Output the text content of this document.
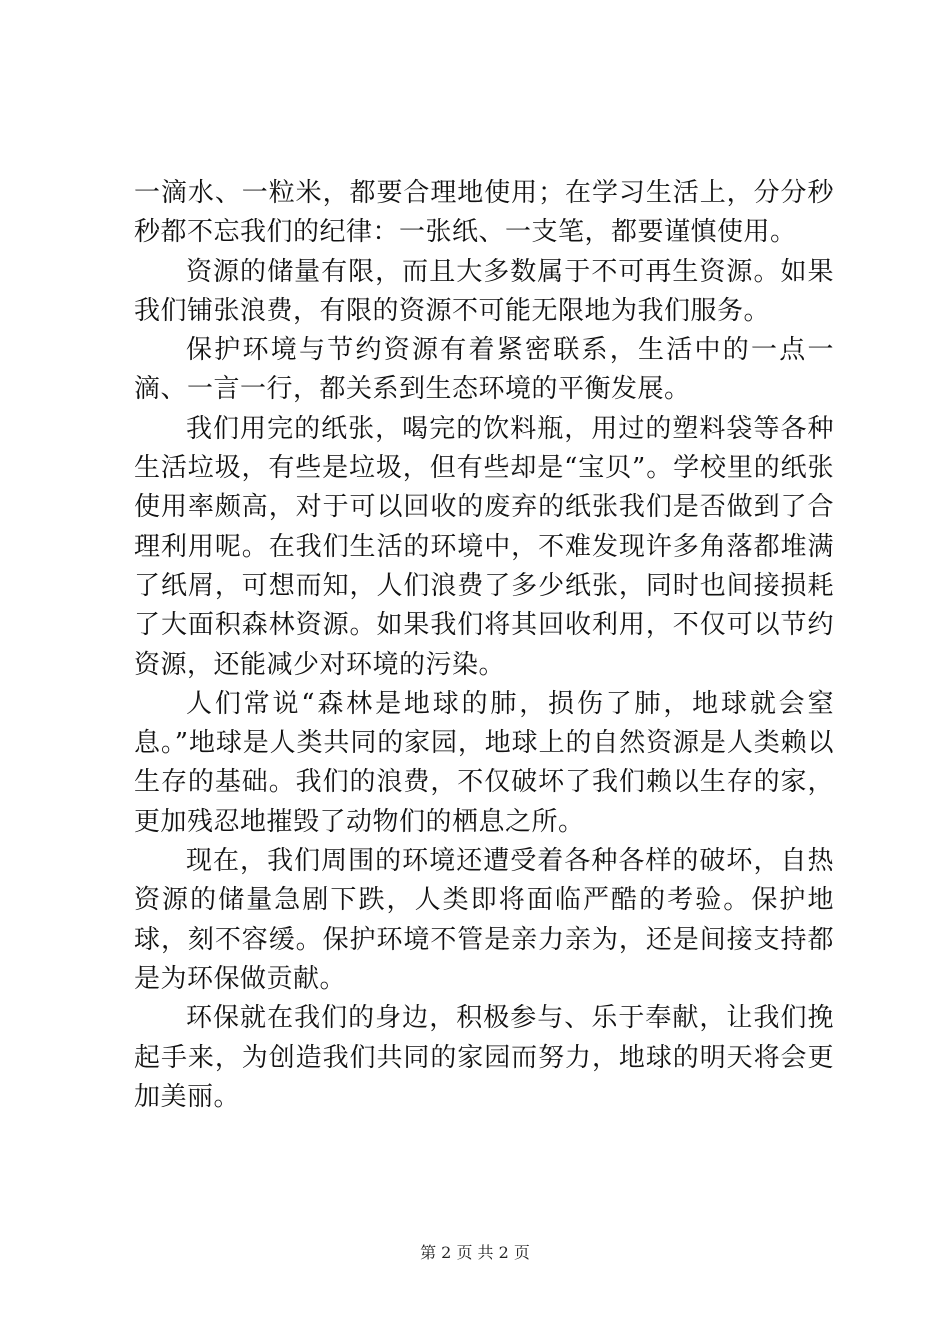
一滴水、一粒米，都要合理地使用；在学习生活上，分分秒秒都不忘我们的纪律：一张纸、一支笔，都要谨慎使用。

资源的储量有限，而且大多数属于不可再生资源。如果我们铺张浪费，有限的资源不可能无限地为我们服务。

保护环境与节约资源有着紧密联系，生活中的一点一滴、一言一行，都关系到生态环境的平衡发展。

我们用完的纸张，喝完的饮料瓶，用过的塑料袋等各种生活垃圾，有些是垃圾，但有些却是“宝贝”。学校里的纸张使用率颇高，对于可以回收的废弃的纸张我们是否做到了合理利用呢。在我们生活的环境中，不难发现许多角落都堆满了纸屑，可想而知，人们浪费了多少纸张，同时也间接损耗了大面积森林资源。如果我们将其回收利用，不仅可以节约资源，还能减少对环境的污染。

人们常说“森林是地球的肺，损伤了肺，地球就会窒息。”地球是人类共同的家园，地球上的自然资源是人类赖以生存的基础。我们的浪费，不仅破坏了我们赖以生存的家，更加残忍地摧毁了动物们的栖息之所。

现在，我们周围的环境还遭受着各种各样的破坏，自热资源的储量急剧下跌，人类即将面临严酷的考验。保护地球，刻不容缓。保护环境不管是亲力亲为，还是间接支持都是为环保做贡献。

环保就在我们的身边，积极参与、乐于奉献，让我们挽起手来，为创造我们共同的家园而努力，地球的明天将会更加美丽。

第 2 页 共 2 页
